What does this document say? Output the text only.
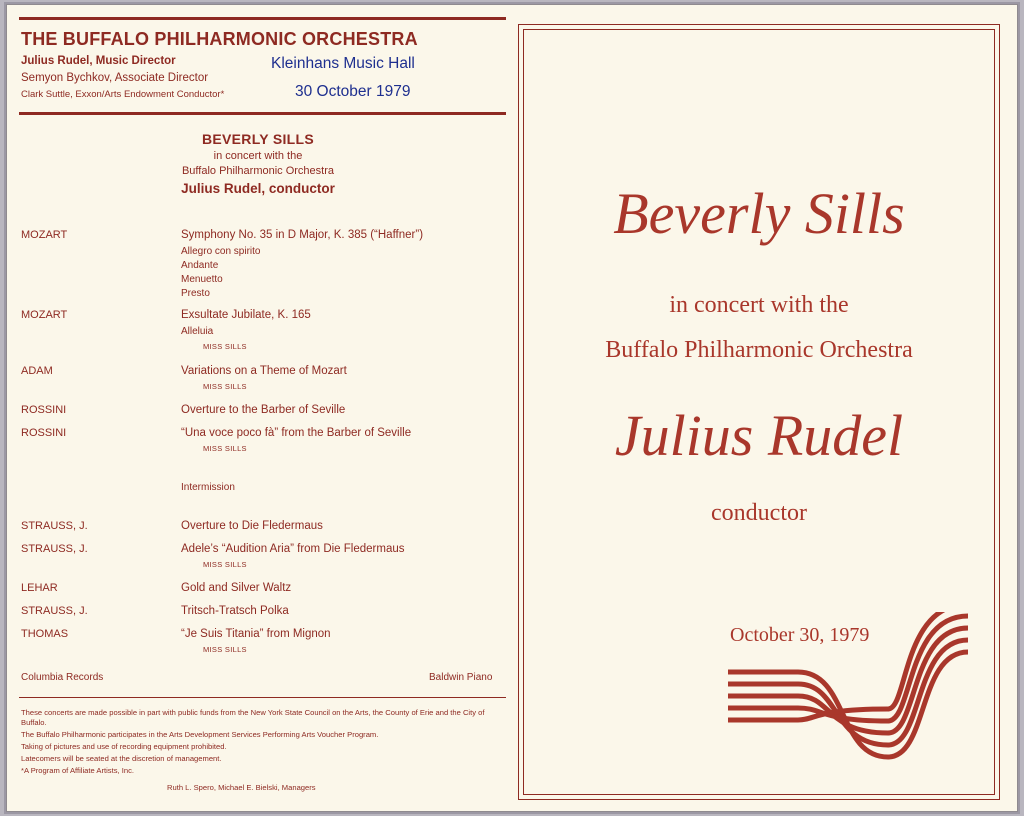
THE BUFFALO PHILHARMONIC ORCHESTRA
Julius Rudel, Music Director
Semyon Bychkov, Associate Director
Clark Suttle, Exxon/Arts Endowment Conductor*
Kleinhans Music Hall
30 October 1979
BEVERLY SILLS
in concert with the
Buffalo Philharmonic Orchestra
Julius Rudel, conductor
MOZART	Symphony No. 35 in D Major, K. 385 (“Haffner”)
Allegro con spirito
Andante
Menuetto
Presto
MOZART	Exsultate Jubilate, K. 165
Alleluia
MISS SILLS
ADAM	Variations on a Theme of Mozart
MISS SILLS
ROSSINI	Overture to the Barber of Seville
ROSSINI	“Una voce poco fà” from the Barber of Seville
MISS SILLS
Intermission
STRAUSS, J.	Overture to Die Fledermaus
STRAUSS, J.	Adele’s “Audition Aria” from Die Fledermaus
MISS SILLS
LEHAR	Gold and Silver Waltz
STRAUSS, J.	Tritsch-Tratsch Polka
THOMAS	“Je Suis Titania” from Mignon
MISS SILLS
Columbia Records	Baldwin Piano
These concerts are made possible in part with public funds from the New York State Council on the Arts, the County of Erie and the City of Buffalo.
The Buffalo Philharmonic participates in the Arts Development Services Performing Arts Voucher Program.
Taking of pictures and use of recording equipment prohibited.
Latecomers will be seated at the discretion of management.
*A Program of Affiliate Artists, Inc.
Ruth L. Spero, Michael E. Bielski, Managers
Beverly Sills
in concert with the
Buffalo Philharmonic Orchestra
Julius Rudel
conductor
October 30, 1979
